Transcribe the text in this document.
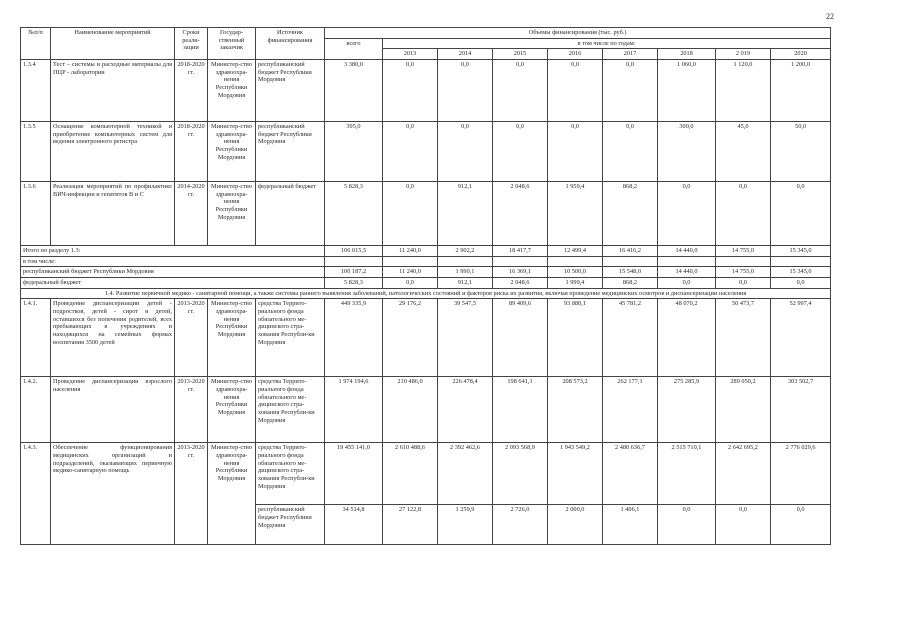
22
№п/п	Наименование мероприятий	Сроки реали-зации	Государ-ственный заказчик	Источник финансирования	Объемы финансирования (тыс. руб.)								
					всего	в том числе по годам:							
						2013	2014	2015	2016	2017	2018	2 019	2020
1.3.4	Тест – системы и расходные материалы для ПЦР - лаборатории	2018-2020 гг.	Министер-ство здравоохра-нения Республики Мордовия	республиканский бюджет Республики Мордовия	3 380,0	0,0	0,0	0,0	0,0	0,0	1 060,0	1 120,0	1 200,0
1.3.5	Оснащение компьютерной техникой и приобретение компьютерных систем для ведения электронного регистра	2018-2020 гг.	Министер-ство здравоохра-нения Республики Мордовия	республиканский бюджет Республики Мордовия	395,0	0,0	0,0	0,0	0,0	0,0	300,0	45,0	50,0
1.3.6	Реализация мероприятий по профилактике ВИЧ-инфекции и гепатитов В и С	2014-2020 гг.	Министер-ство здравоохра-нения Республики Мордовия	федеральный бюджет	5 828,3	0,0	912,1	2 048,6	1 959,4	868,2	0,0	0,0	0,0
Итого по разделу 1.3:					106 015,5	11 240,0	2 902,2	18 417,7	12 499,4	16 416,2	14 440,0	14 755,0	15 345,0
в том числе:													
республиканский бюджет Республики Мордовия					100 187,2	11 240,0	1 990,1	16 369,1	10 500,0	15 548,0	14 440,0	14 755,0	15 345,0
федеральный бюджет					5 828,3	0,0	912,1	2 048,6	1 999,4	868,2	0,0	0,0	0,0
1.4. Развитие первичной медико - санитарной помощи, а также системы раннего выявления заболеваний, патологических состояний и факторов риска их развития, включая проведение медицинских осмотров и диспансеризации населения													
1.4.1.	Проведение диспансеризации детей - подростков, детей - сирот и детей, оставшихся без попечения родителей, всех пребывающих в учреждениях и находящихся на семейных формах воспитания 3500 детей	2013-2020 гг.	Министер-ство здравоохра-нения Республики Мордовия	средства Террито-риального фонда обязательного ме-дицинского стра-хования Республи-ки Мордовия	449 335,9	29 176,2	39 547,5	89 409,6	93 880,1	45 781,2	48 070,2	50 473,7	52 997,4
1.4.2.	Проведение диспансеризации взрослого населения	2013-2020 гг.	Министер-ство здравоохра-нения Республики Мордовия	средства Террито-риального фонда обязательного ме-дицинского стра-хования Республи-ки Мордовия	1 974 194,6	210 486,0	226 478,4	198 641,1	208 573,2	262 177,1	275 285,9	289 050,2	303 502,7
1.4.3.	Обеспечение функционирования медицинских организаций и подразделений, оказывающих первичную медико-санитарную помощь	2013-2020 гг.	Министер-ство здравоохра-нения Республики Мордовия	средства Террито-риального фонда обязательного ме-дицинского стра-хования Республи-ки Мордовия	19 455 141,0	2 610 488,6	2 392 462,6	2 093 568,9	1 943 549,2	2 480 636,7	2 515 710,1	2 642 695,2	2 776 029,6
				республиканский бюджет Республики Мордовия	34 514,8	27 122,8	1 259,9	2 726,0	2 000,0	1 406,1	0,0	0,0	0,0
